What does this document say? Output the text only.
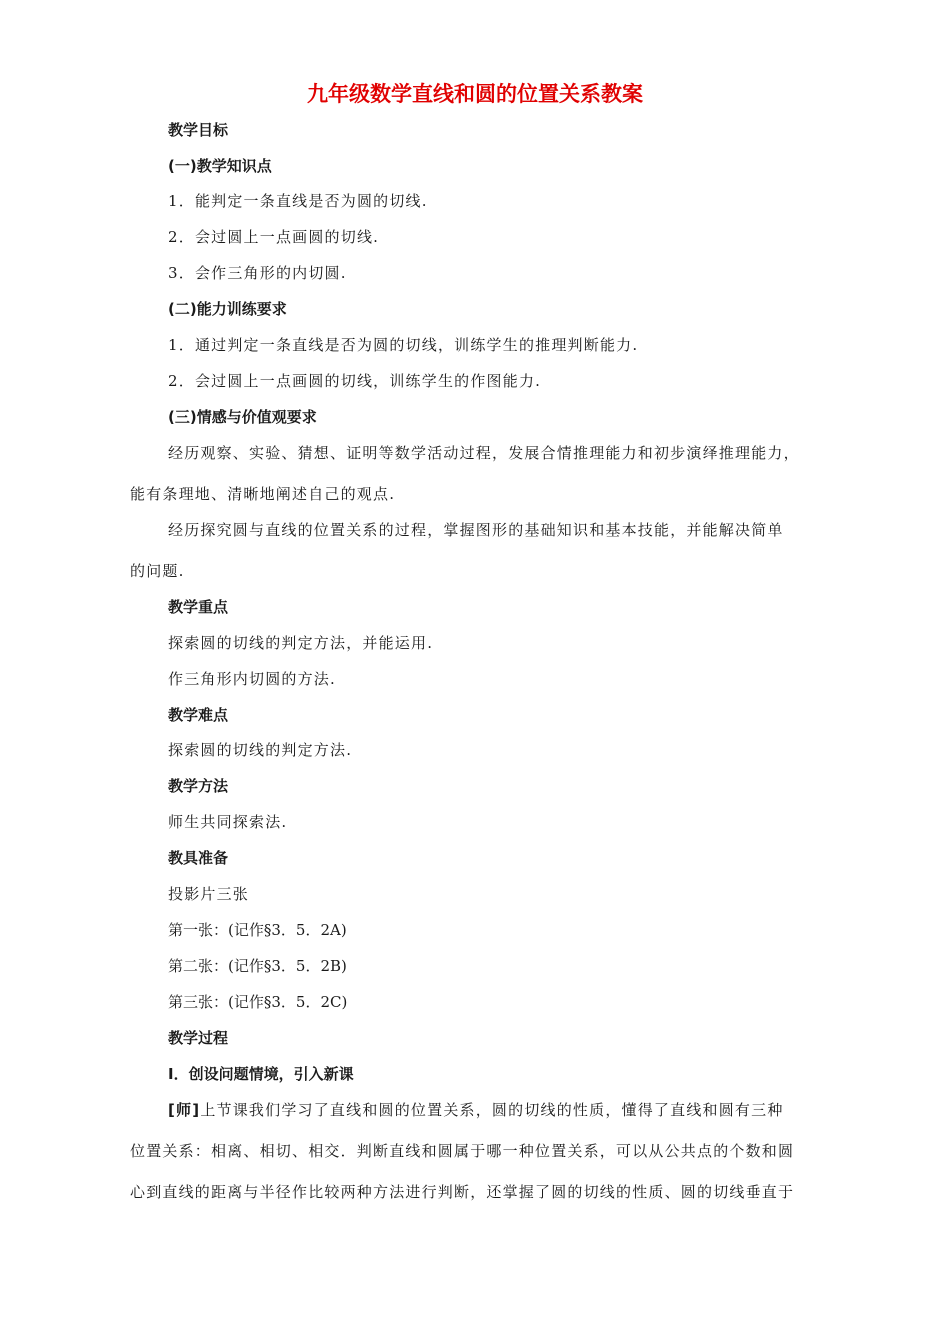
九年级数学直线和圆的位置关系教案
教学目标
(一)教学知识点
1．能判定一条直线是否为圆的切线.
2．会过圆上一点画圆的切线.
3．会作三角形的内切圆.
(二)能力训练要求
1．通过判定一条直线是否为圆的切线，训练学生的推理判断能力.
2．会过圆上一点画圆的切线，训练学生的作图能力.
(三)情感与价值观要求
经历观察、实验、猜想、证明等数学活动过程，发展合情推理能力和初步演绎推理能力，
能有条理地、清晰地阐述自己的观点.
经历探究圆与直线的位置关系的过程，掌握图形的基础知识和基本技能，并能解决简单
的问题.
教学重点
探索圆的切线的判定方法，并能运用.
作三角形内切圆的方法.
教学难点
探索圆的切线的判定方法.
教学方法
师生共同探索法.
教具准备
投影片三张
第一张：(记作§3．5．2A)
第二张：(记作§3．5．2B)
第三张：(记作§3．5．2C)
教学过程
Ⅰ．创设问题情境，引入新课
[师]上节课我们学习了直线和圆的位置关系，圆的切线的性质，懂得了直线和圆有三种
位置关系：相离、相切、相交．判断直线和圆属于哪一种位置关系，可以从公共点的个数和圆
心到直线的距离与半径作比较两种方法进行判断，还掌握了圆的切线的性质、圆的切线垂直于
